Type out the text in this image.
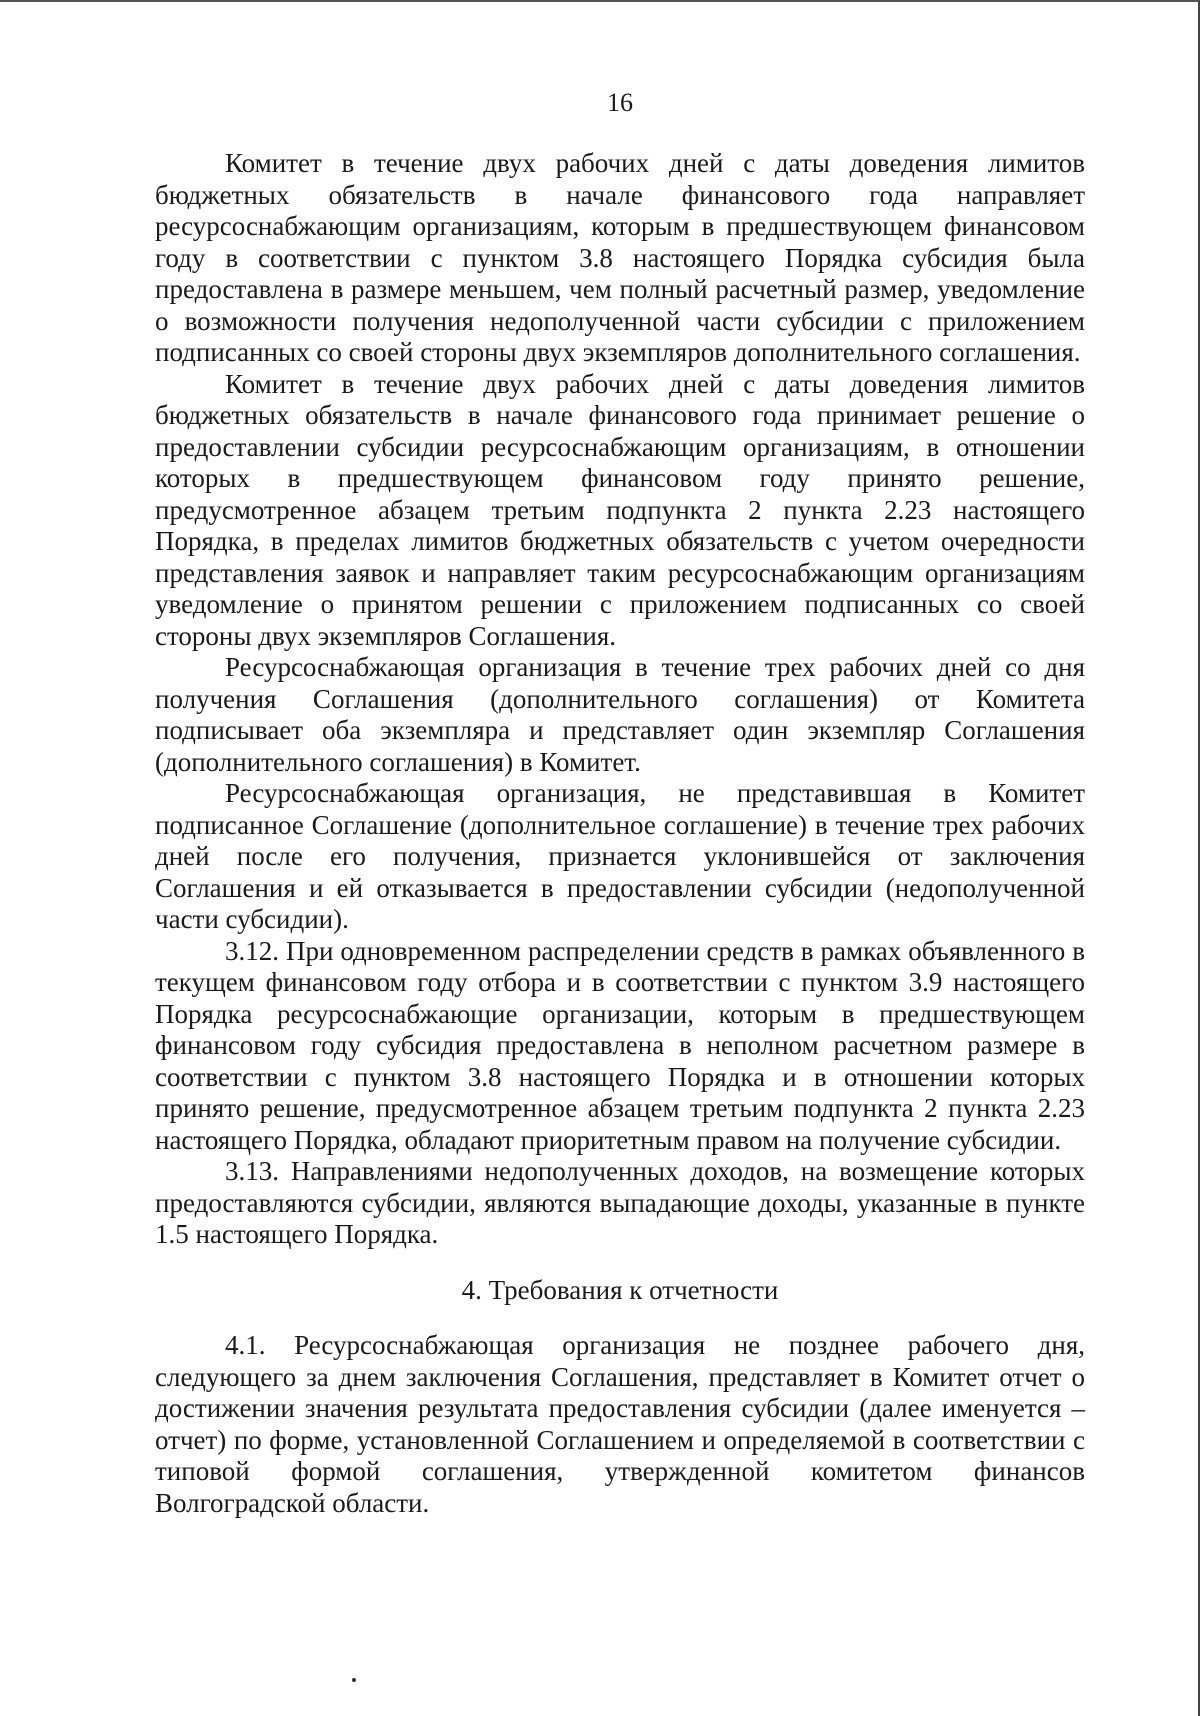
16

Комитет в течение двух рабочих дней с даты доведения лимитов бюджетных обязательств в начале финансового года направляет ресурсоснабжающим организациям, которым в предшествующем финансовом году в соответствии с пунктом 3.8 настоящего Порядка субсидия была предоставлена в размере меньшем, чем полный расчетный размер, уведомление о возможности получения недополученной части субсидии с приложением подписанных со своей стороны двух экземпляров дополнительного соглашения.

Комитет в течение двух рабочих дней с даты доведения лимитов бюджетных обязательств в начале финансового года принимает решение о предоставлении субсидии ресурсоснабжающим организациям, в отношении которых в предшествующем финансовом году принято решение, предусмотренное абзацем третьим подпункта 2 пункта 2.23 настоящего Порядка, в пределах лимитов бюджетных обязательств с учетом очередности представления заявок и направляет таким ресурсоснабжающим организациям уведомление о принятом решении с приложением подписанных со своей стороны двух экземпляров Соглашения.

Ресурсоснабжающая организация в течение трех рабочих дней со дня получения Соглашения (дополнительного соглашения) от Комитета подписывает оба экземпляра и представляет один экземпляр Соглашения (дополнительного соглашения) в Комитет.

Ресурсоснабжающая организация, не представившая в Комитет подписанное Соглашение (дополнительное соглашение) в течение трех рабочих дней после его получения, признается уклонившейся от заключения Соглашения и ей отказывается в предоставлении субсидии (недополученной части субсидии).

3.12. При одновременном распределении средств в рамках объявленного в текущем финансовом году отбора и в соответствии с пунктом 3.9 настоящего Порядка ресурсоснабжающие организации, которым в предшествующем финансовом году субсидия предоставлена в неполном расчетном размере в соответствии с пунктом 3.8 настоящего Порядка и в отношении которых принято решение, предусмотренное абзацем третьим подпункта 2 пункта 2.23 настоящего Порядка, обладают приоритетным правом на получение субсидии.

3.13. Направлениями недополученных доходов, на возмещение которых предоставляются субсидии, являются выпадающие доходы, указанные в пункте 1.5 настоящего Порядка.

4. Требования к отчетности

4.1. Ресурсоснабжающая организация не позднее рабочего дня, следующего за днем заключения Соглашения, представляет в Комитет отчет о достижении значения результата предоставления субсидии (далее именуется – отчет) по форме, установленной Соглашением и определяемой в соответствии с типовой формой соглашения, утвержденной комитетом финансов Волгоградской области.
